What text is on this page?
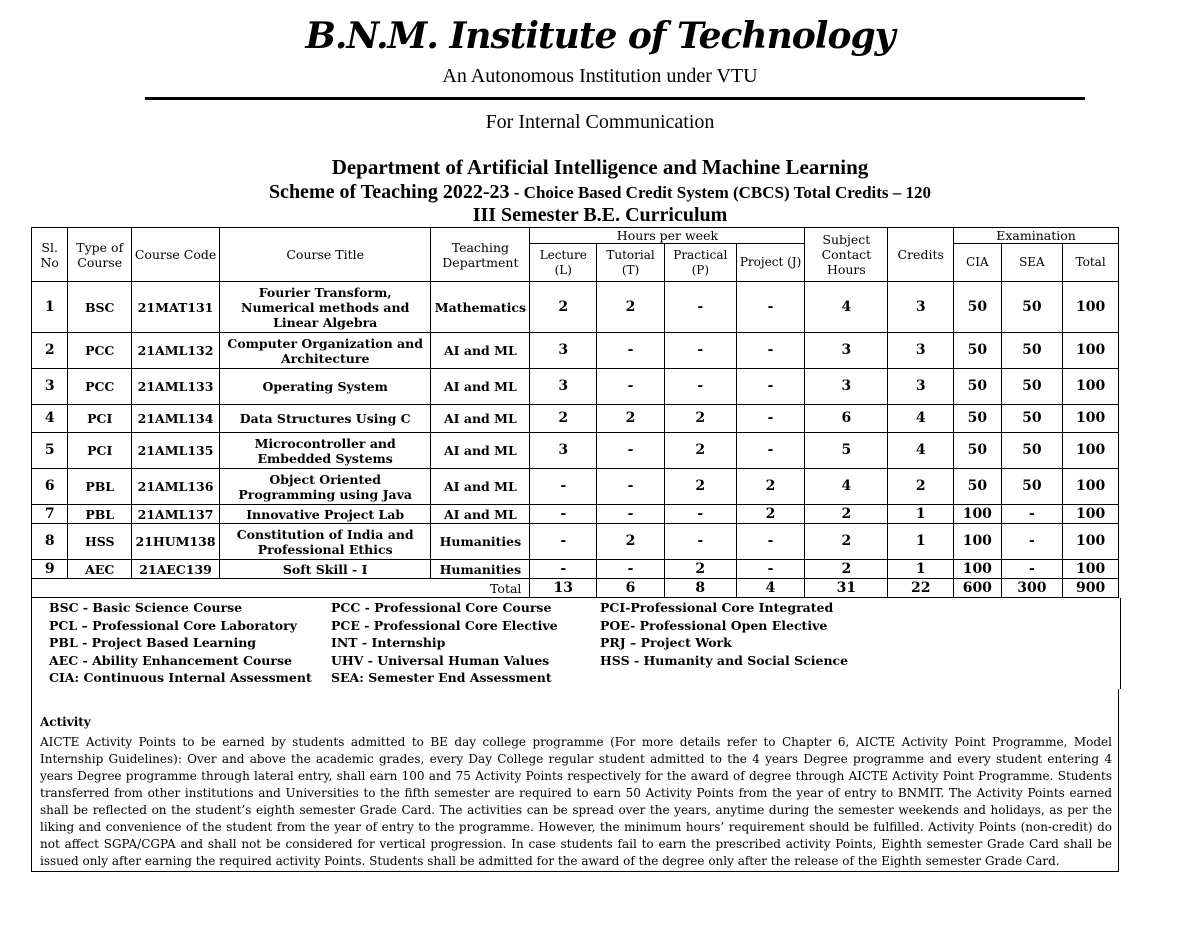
B.N.M. Institute of Technology
An Autonomous Institution under VTU
For Internal Communication
Department of Artificial Intelligence and Machine Learning
Scheme of Teaching 2022-23 - Choice Based Credit System (CBCS) Total Credits – 120
III Semester B.E. Curriculum
Sl. No	Type of Course	Course Code	Course Title	Teaching Department	Hours per week				Subject Contact Hours	Credits	Examination		
					Lecture (L)	Tutorial (T)	Practical (P)	Project (J)			CIA	SEA	Total
1	BSC	21MAT131	Fourier Transform, Numerical methods and Linear Algebra	Mathematics	2	2	-	-	4	3	50	50	100
2	PCC	21AML132	Computer Organization and Architecture	AI and ML	3	-	-	-	3	3	50	50	100
3	PCC	21AML133	Operating System	AI and ML	3	-	-	-	3	3	50	50	100
4	PCI	21AML134	Data Structures Using C	AI and ML	2	2	2	-	6	4	50	50	100
5	PCI	21AML135	Microcontroller and Embedded Systems	AI and ML	3	-	2	-	5	4	50	50	100
6	PBL	21AML136	Object Oriented Programming using Java	AI and ML	-	-	2	2	4	2	50	50	100
7	PBL	21AML137	Innovative Project Lab	AI and ML	-	-	-	2	2	1	100	-	100
8	HSS	21HUM138	Constitution of India and Professional Ethics	Humanities	-	2	-	-	2	1	100	-	100
9	AEC	21AEC139	Soft Skill - I	Humanities	-	-	2	-	2	1	100	-	100
Total					13	6	8	4	31	22	600	300	900
BSC - Basic Science Course
PCL – Professional Core Laboratory
PBL - Project Based Learning
AEC - Ability Enhancement Course
CIA: Continuous Internal Assessment
PCC - Professional Core Course
PCE - Professional Core Elective
INT - Internship
UHV - Universal Human Values
SEA: Semester End Assessment
PCI-Professional Core Integrated
POE- Professional Open Elective
PRJ – Project Work
HSS - Humanity and Social Science
Activity
AICTE Activity Points to be earned by students admitted to BE day college programme (For more details refer to Chapter 6, AICTE Activity Point Programme, Model Internship Guidelines): Over and above the academic grades, every Day College regular student admitted to the 4 years Degree programme and every student entering 4 years Degree programme through lateral entry, shall earn 100 and 75 Activity Points respectively for the award of degree through AICTE Activity Point Programme. Students transferred from other institutions and Universities to the fifth semester are required to earn 50 Activity Points from the year of entry to BNMIT. The Activity Points earned shall be reflected on the student’s eighth semester Grade Card. The activities can be spread over the years, anytime during the semester weekends and holidays, as per the liking and convenience of the student from the year of entry to the programme. However, the minimum hours’ requirement should be fulfilled. Activity Points (non-credit) do not affect SGPA/CGPA and shall not be considered for vertical progression. In case students fail to earn the prescribed activity Points, Eighth semester Grade Card shall be issued only after earning the required activity Points. Students shall be admitted for the award of the degree only after the release of the Eighth semester Grade Card.
